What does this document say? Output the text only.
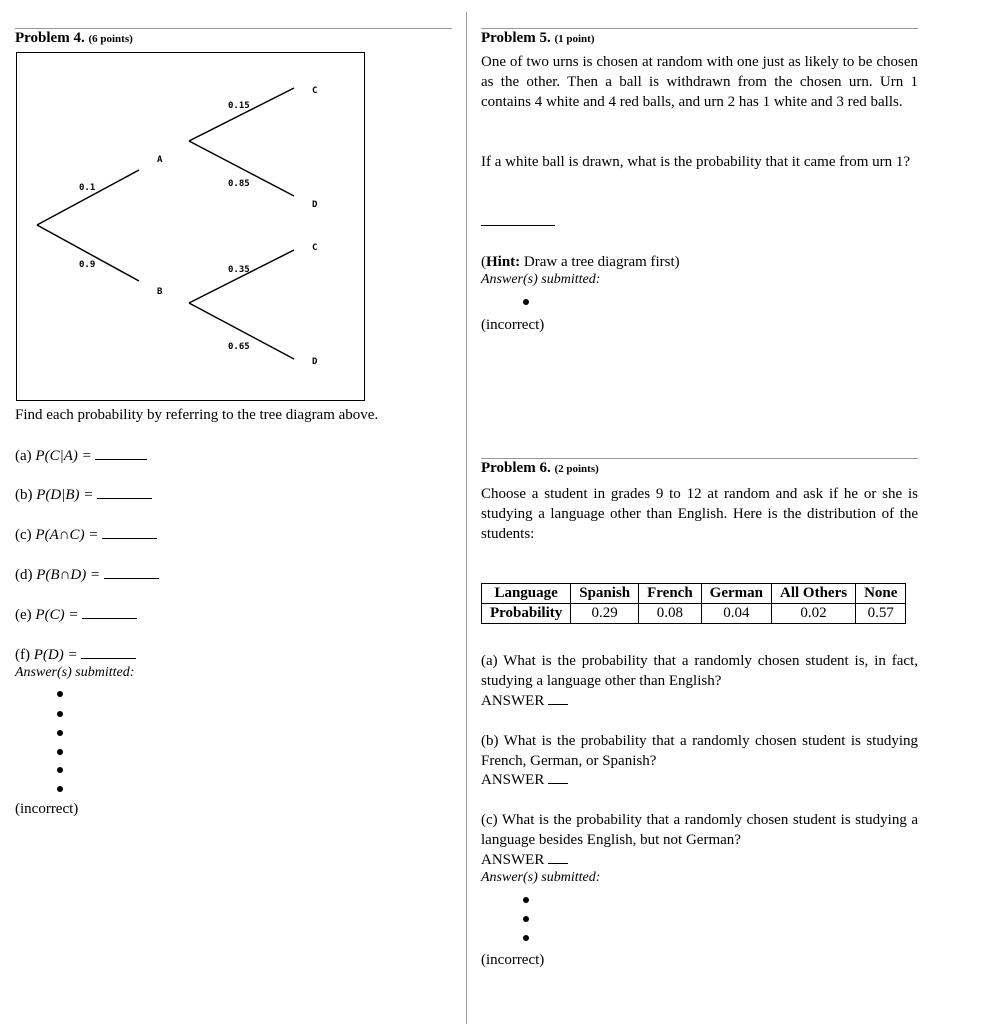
Problem 4. (6 points)
A
B
0.1
0.9
C
D
0.15
0.85
C
D
0.35
0.65
Find each probability by referring to the tree diagram above.
(a) P(C|A) =
(b) P(D|B) =
(c) P(A∩C) =
(d) P(B∩D) =
(e) P(C) =
(f) P(D) =
Answer(s) submitted:
(incorrect)
Problem 5. (1 point)
One of two urns is chosen at random with one just as likely to be chosen as the other. Then a ball is withdrawn from the chosen urn. Urn 1 contains 4 white and 4 red balls, and urn 2 has 1 white and 3 red balls.
If a white ball is drawn, what is the probability that it came from urn 1?
(Hint: Draw a tree diagram first)
Answer(s) submitted:
(incorrect)
Problem 6. (2 points)
Choose a student in grades 9 to 12 at random and ask if he or she is studying a language other than English. Here is the distribution of the students:
Language	Spanish	French	German	All Others	None
Probability	0.29	0.08	0.04	0.02	0.57
(a) What is the probability that a randomly chosen student is, in fact, studying a language other than English?
ANSWER
(b) What is the probability that a randomly chosen student is studying French, German, or Spanish?
ANSWER
(c) What is the probability that a randomly chosen student is studying a language besides English, but not German?
ANSWER
Answer(s) submitted:
(incorrect)
